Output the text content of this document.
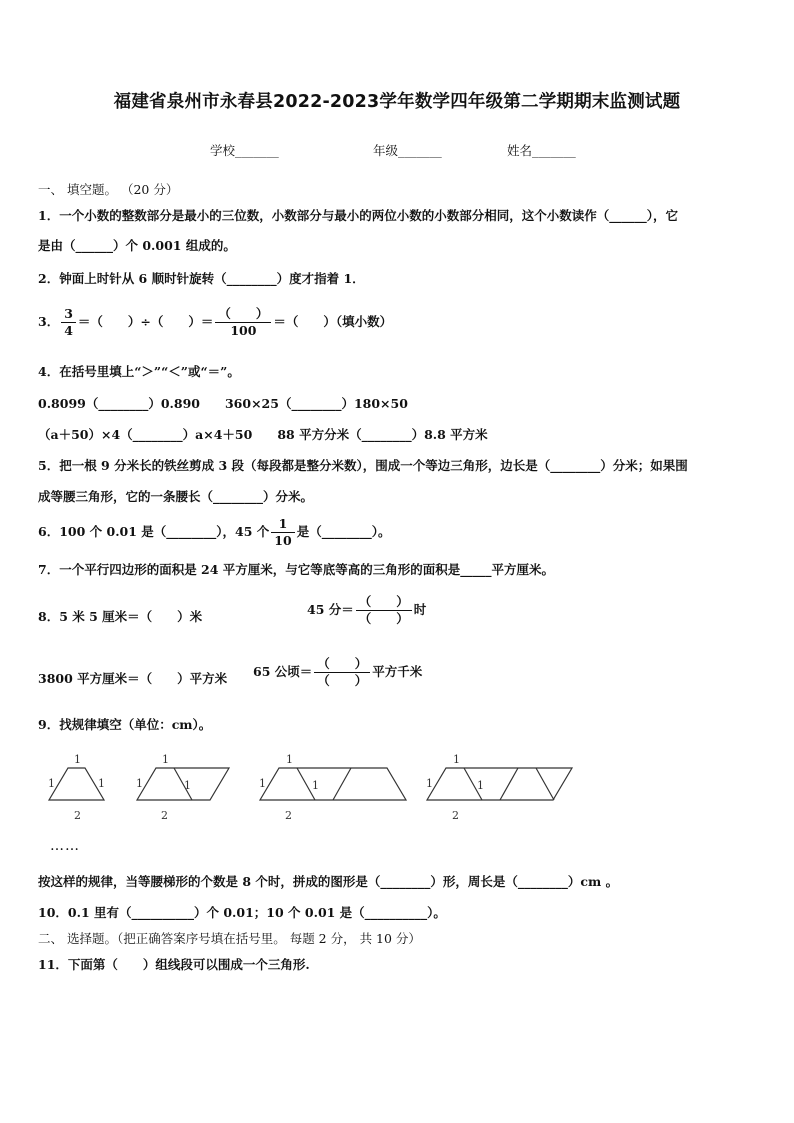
福建省泉州市永春县2022-2023学年数学四年级第二学期期末监测试题
学校_______	年级_______	姓名_______
一、 填空题。 （20 分）
1．一个小数的整数部分是最小的三位数，小数部分与最小的两位小数的小数部分相同，这个小数读作（______），它
是由（______）个 0.001 组成的。
2．钟面上时针从 6 顺时针旋转（________）度才指着 1．
3． $\frac{3}{4}$ ＝（　　）÷（　　）＝ $\frac{( )}{100}$ ＝（　　）（填小数）
4．在括号里填上“＞”“＜”或“＝”。
0.8099（________）0.890　　360×25（________）180×50
（a＋50）×4（________）a×4＋50　　88 平方分米（________）8.8 平方米
5．把一根 9 分米长的铁丝剪成 3 段（每段都是整分米数），围成一个等边三角形，边长是（________）分米；如果围
成等腰三角形，它的一条腰长（________）分米。
6．100 个 0.01 是（________），45 个 $\frac{1}{10}$ 是（________）。
7．一个平行四边形的面积是 24 平方厘米，与它等底等高的三角形的面积是_____平方厘米。
8．5 米 5 厘米＝（　　）米	45 分＝ $\frac{( )}{( )}$ 时
3800 平方厘米＝（　　）平方米 65 公顷＝ $\frac{( )}{( )}$ 平方千米
9．找规律填空（单位：cm）。
1
1	1
2
1
1	1
2
1
1	1
2
1
1	1
2
……
按这样的规律，当等腰梯形的个数是 8 个时，拼成的图形是（________）形，周长是（________）cm 。
10．0.1 里有（__________）个 0.01；10 个 0.01 是（__________）。
二、 选择题。（把正确答案序号填在括号里。 每题 2 分， 共 10 分）
11．下面第（　　）组线段可以围成一个三角形.
